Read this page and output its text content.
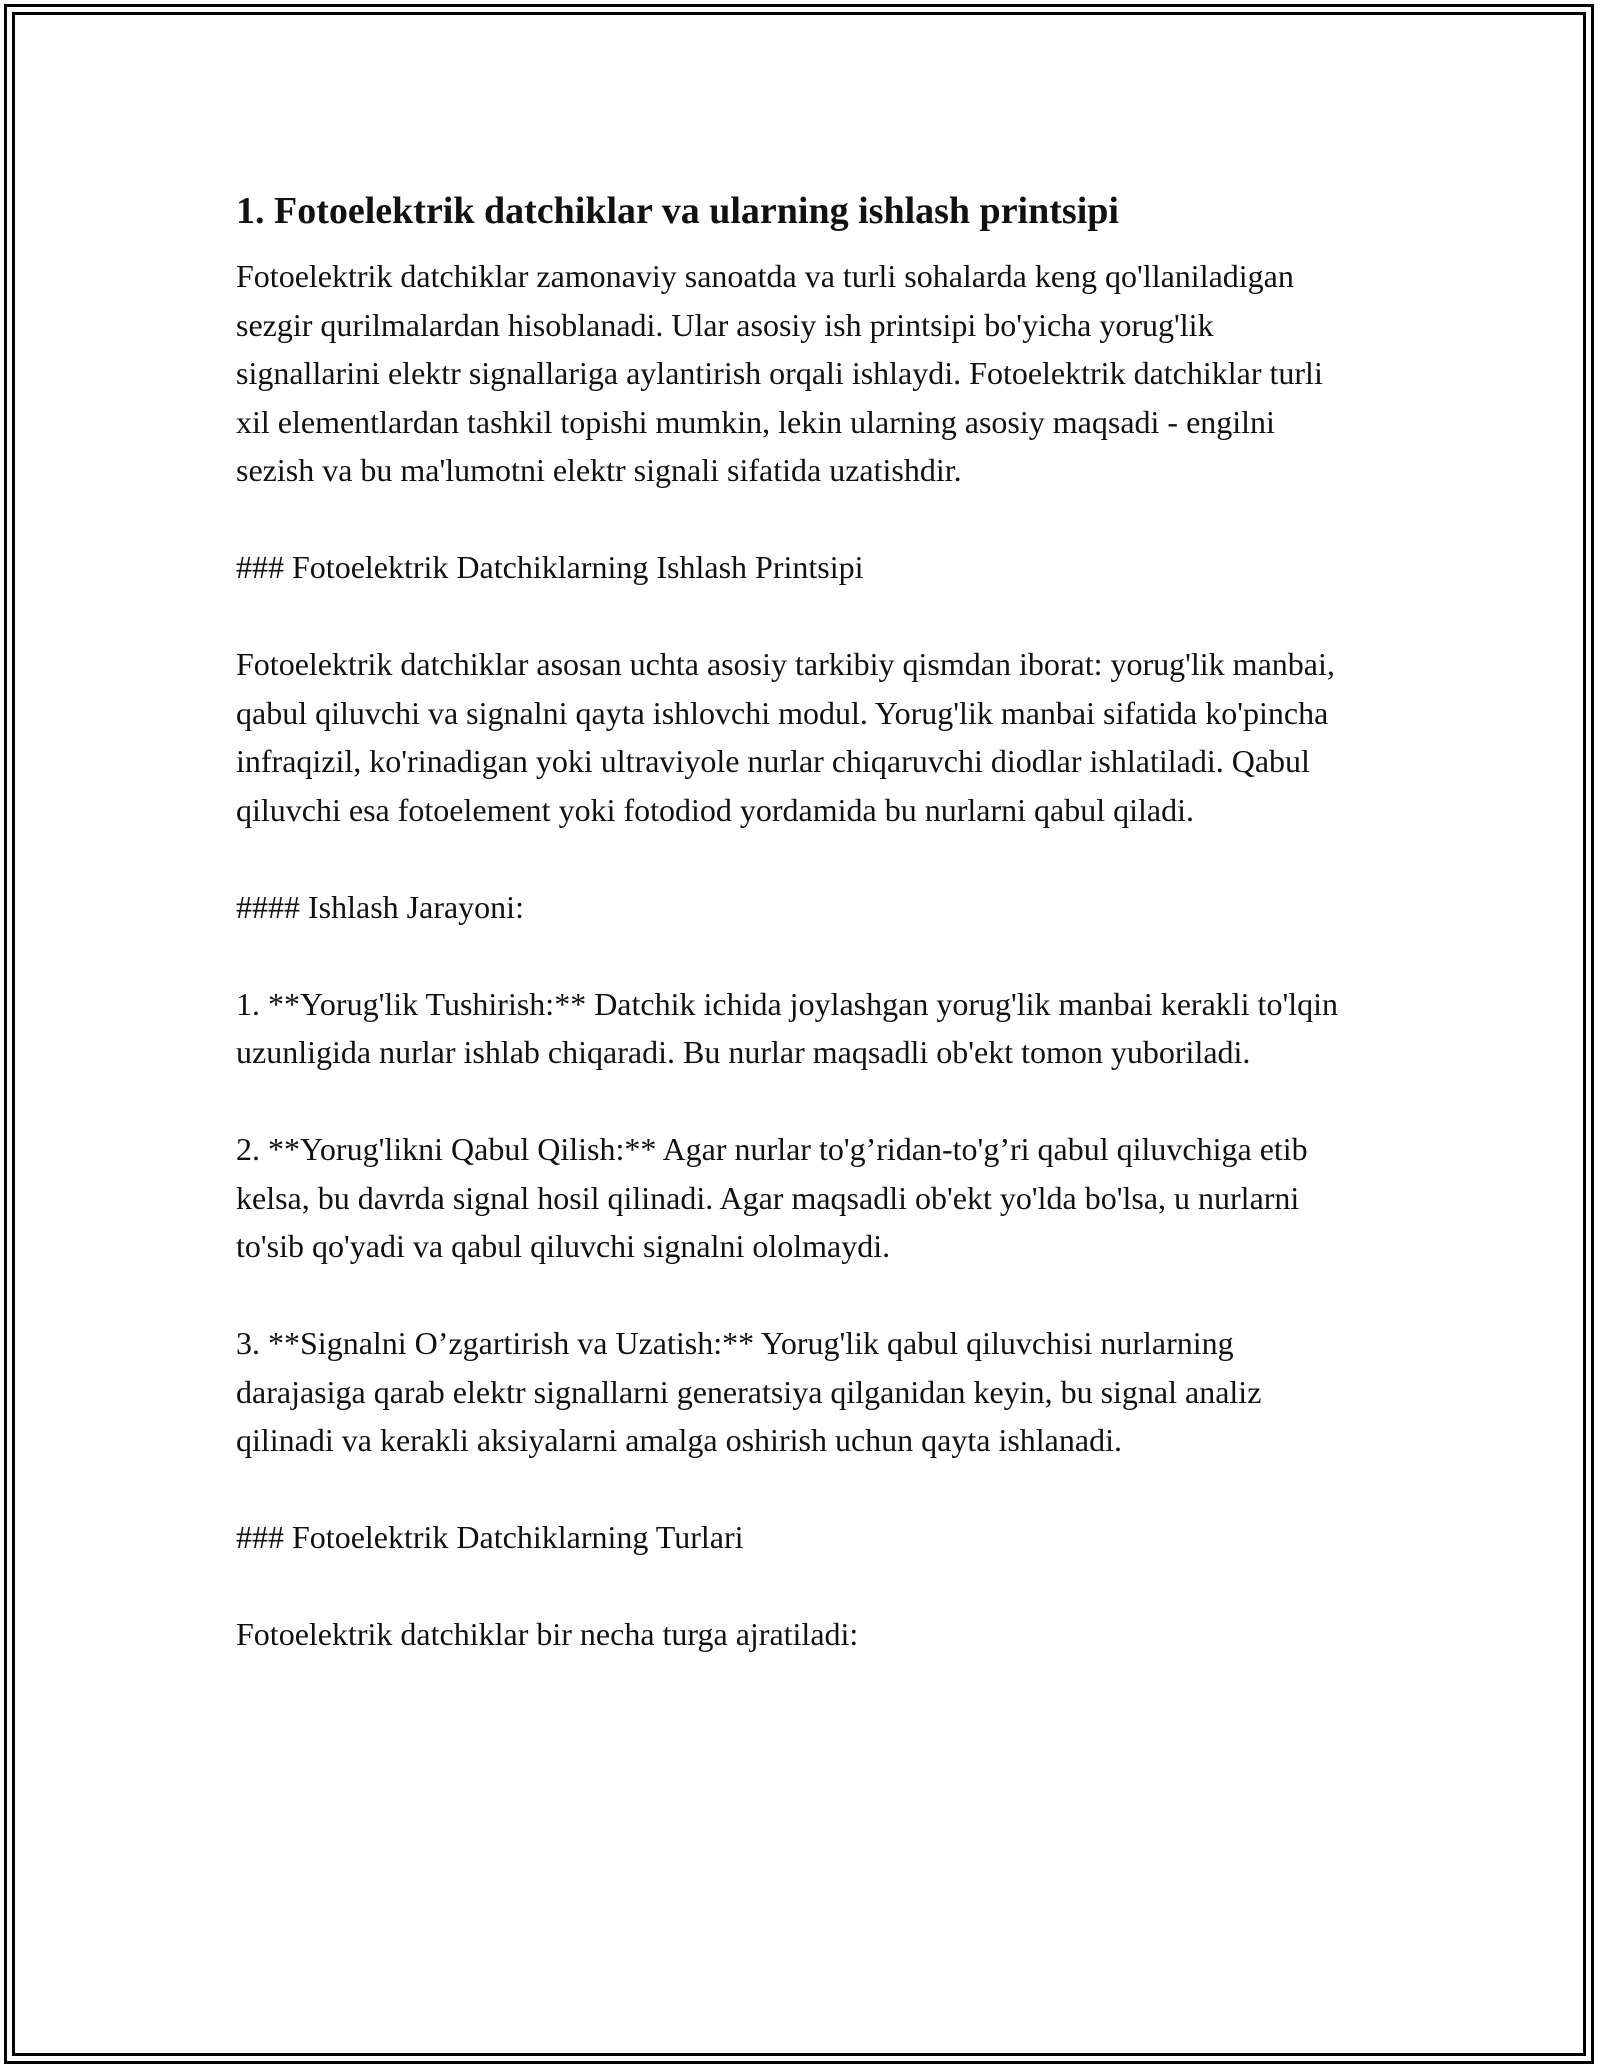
1. Fotoelektrik datchiklar va ularning ishlash printsipi

Fotoelektrik datchiklar zamonaviy sanoatda va turli sohalarda keng qo'llaniladigan sezgir qurilmalardan hisoblanadi. Ular asosiy ish printsipi bo'yicha yorug'lik signallarini elektr signallariga aylantirish orqali ishlaydi. Fotoelektrik datchiklar turli xil elementlardan tashkil topishi mumkin, lekin ularning asosiy maqsadi - engilni sezish va bu ma'lumotni elektr signali sifatida uzatishdir.

### Fotoelektrik Datchiklarning Ishlash Printsipi

Fotoelektrik datchiklar asosan uchta asosiy tarkibiy qismdan iborat: yorug'lik manbai, qabul qiluvchi va signalni qayta ishlovchi modul. Yorug'lik manbai sifatida ko'pincha infraqizil, ko'rinadigan yoki ultraviyole nurlar chiqaruvchi diodlar ishlatiladi. Qabul qiluvchi esa fotoelement yoki fotodiod yordamida bu nurlarni qabul qiladi.

#### Ishlash Jarayoni:

1. **Yorug'lik Tushirish:** Datchik ichida joylashgan yorug'lik manbai kerakli to'lqin uzunligida nurlar ishlab chiqaradi. Bu nurlar maqsadli ob'ekt tomon yuboriladi.

2. **Yorug'likni Qabul Qilish:** Agar nurlar to'g’ridan-to'g’ri qabul qiluvchiga etib kelsa, bu davrda signal hosil qilinadi. Agar maqsadli ob'ekt yo'lda bo'lsa, u nurlarni to'sib qo'yadi va qabul qiluvchi signalni ololmaydi.

3. **Signalni O’zgartirish va Uzatish:** Yorug'lik qabul qiluvchisi nurlarning darajasiga qarab elektr signallarni generatsiya qilganidan keyin, bu signal analiz qilinadi va kerakli aksiyalarni amalga oshirish uchun qayta ishlanadi.

### Fotoelektrik Datchiklarning Turlari

Fotoelektrik datchiklar bir necha turga ajratiladi:
